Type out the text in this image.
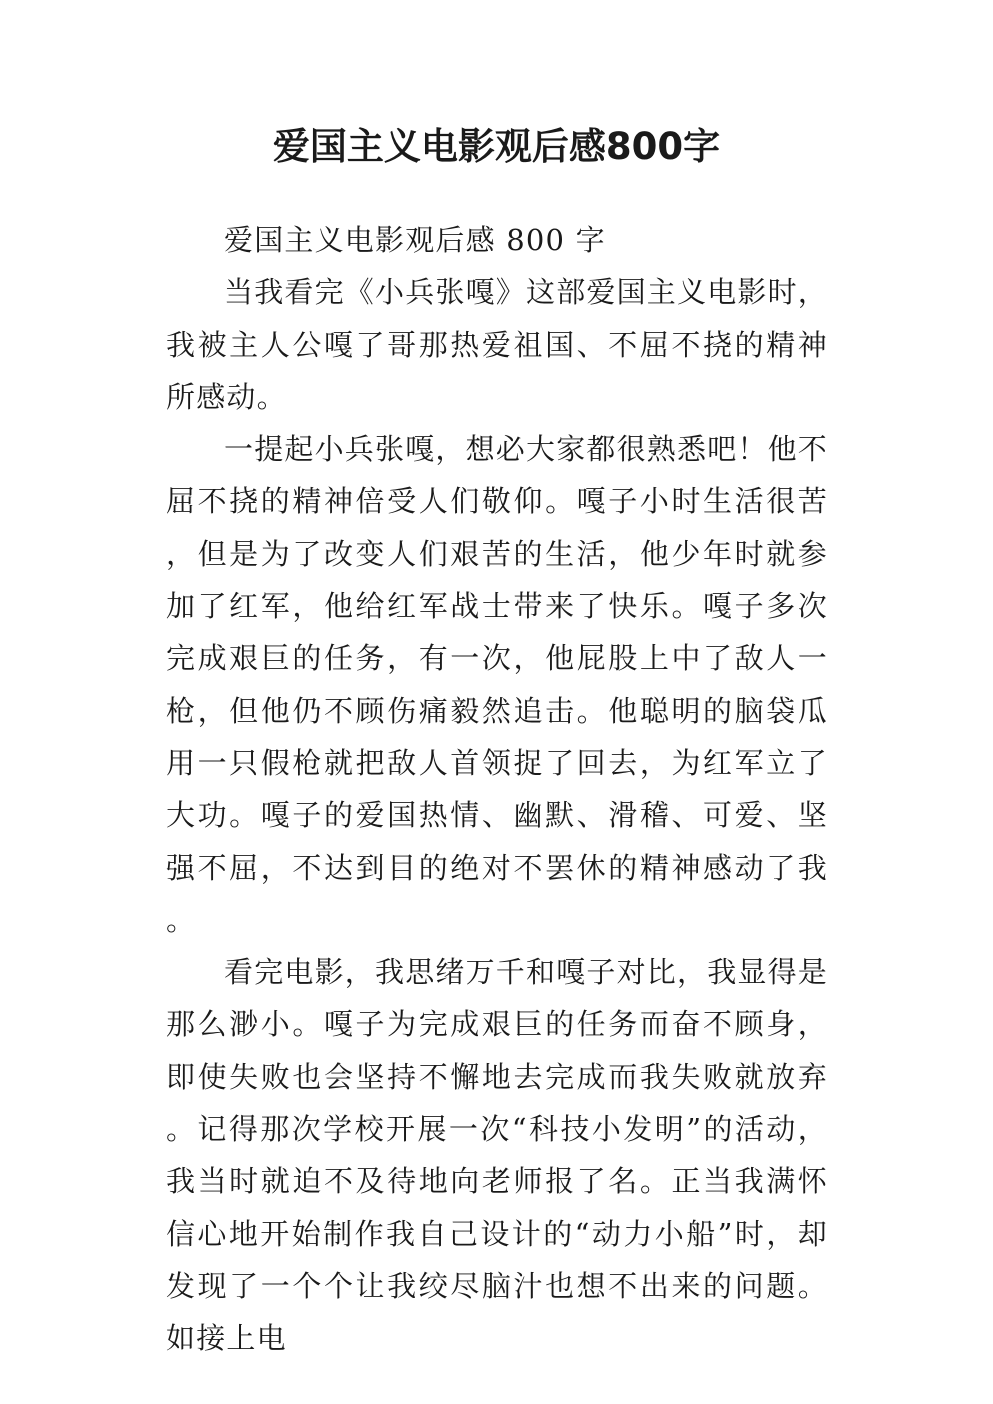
爱国主义电影观后感800字

爱国主义电影观后感 800 字

当我看完《小兵张嘎》这部爱国主义电影时，我被主人公嘎了哥那热爱祖国、不屈不挠的精神所感动。

一提起小兵张嘎，想必大家都很熟悉吧！他不屈不挠的精神倍受人们敬仰。嘎子小时生活很苦，但是为了改变人们艰苦的生活，他少年时就参加了红军，他给红军战士带来了快乐。嘎子多次完成艰巨的任务，有一次，他屁股上中了敌人一枪，但他仍不顾伤痛毅然追击。他聪明的脑袋瓜用一只假枪就把敌人首领捉了回去，为红军立了大功。嘎子的爱国热情、幽默、滑稽、可爱、坚强不屈，不达到目的绝对不罢休的精神感动了我。

看完电影，我思绪万千和嘎子对比，我显得是那么渺小。嘎子为完成艰巨的任务而奋不顾身，即使失败也会坚持不懈地去完成而我失败就放弃。记得那次学校开展一次“科技小发明”的活动，我当时就迫不及待地向老师报了名。正当我满怀信心地开始制作我自己设计的“动力小船”时，却发现了一个个让我绞尽脑汁也想不出来的问题。如接上电
